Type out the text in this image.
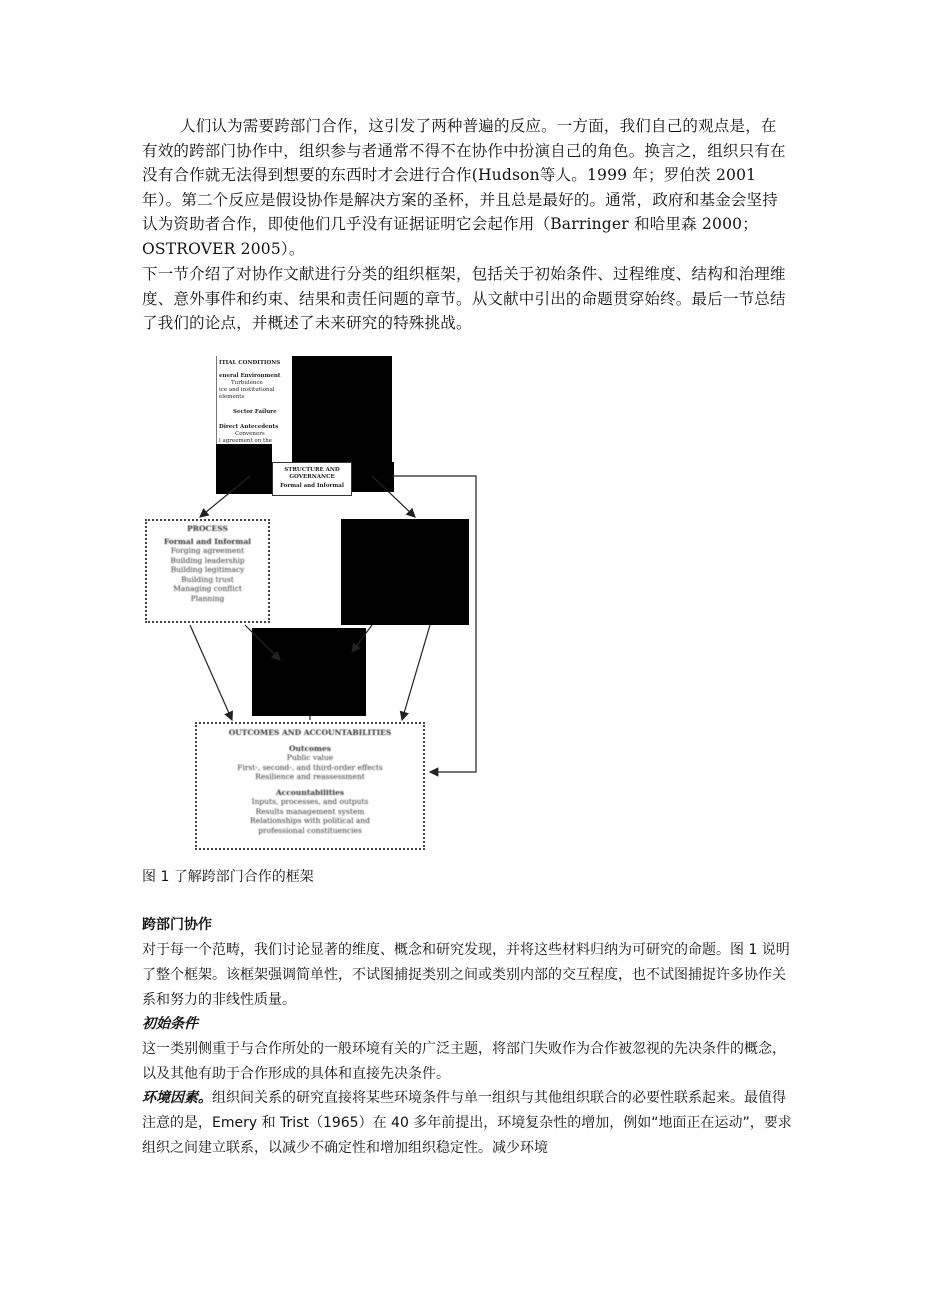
人们认为需要跨部门合作，这引发了两种普遍的反应。一方面，我们自己的观点是，在有效的跨部门协作中，组织参与者通常不得不在协作中扮演自己的角色。换言之，组织只有在没有合作就无法得到想要的东西时才会进行合作(Hudson等人。1999 年；罗伯茨 2001 年）。第二个反应是假设协作是解决方案的圣杯，并且总是最好的。通常，政府和基金会坚持认为资助者合作，即使他们几乎没有证据证明它会起作用（Barringer 和哈里森 2000；OSTROVER 2005）。
下一节介绍了对协作文献进行分类的组织框架，包括关于初始条件、过程维度、结构和治理维度、意外事件和约束、结果和责任问题的章节。从文献中引出的命题贯穿始终。最后一节总结了我们的论点，并概述了未来研究的特殊挑战。
ITIAL CONDITIONS
eneral Environment
Turbulence
ice and institutional elements
Sector Failure
Direct Antecedents
Conveners
l agreement on the
STRUCTURE AND GOVERNANCE
Formal and Informal
PROCESS
Formal and Informal
Forging agreement
Building leadership
Building legitimacy
Building trust
Managing conflict
Planning
OUTCOMES AND ACCOUNTABILITIES
Outcomes
Public value
First-, second-, and third-order effects
Resilience and reassessment
Accountabilities
Inputs, processes, and outputs
Results management system
Relationships with political and
professional constituencies
图 1 了解跨部门合作的框架
跨部门协作
对于每一个范畴，我们讨论显著的维度、概念和研究发现，并将这些材料归纳为可研究的命题。图 1 说明了整个框架。该框架强调简单性，不试图捕捉类别之间或类别内部的交互程度，也不试图捕捉许多协作关系和努力的非线性质量。
初始条件
这一类别侧重于与合作所处的一般环境有关的广泛主题，将部门失败作为合作被忽视的先决条件的概念，以及其他有助于合作形成的具体和直接先决条件。
环境因素。组织间关系的研究直接将某些环境条件与单一组织与其他组织联合的必要性联系起来。最值得注意的是，Emery 和 Trist（1965）在 40 多年前提出，环境复杂性的增加，例如“地面正在运动”，要求组织之间建立联系，以减少不确定性和增加组织稳定性。减少环境
